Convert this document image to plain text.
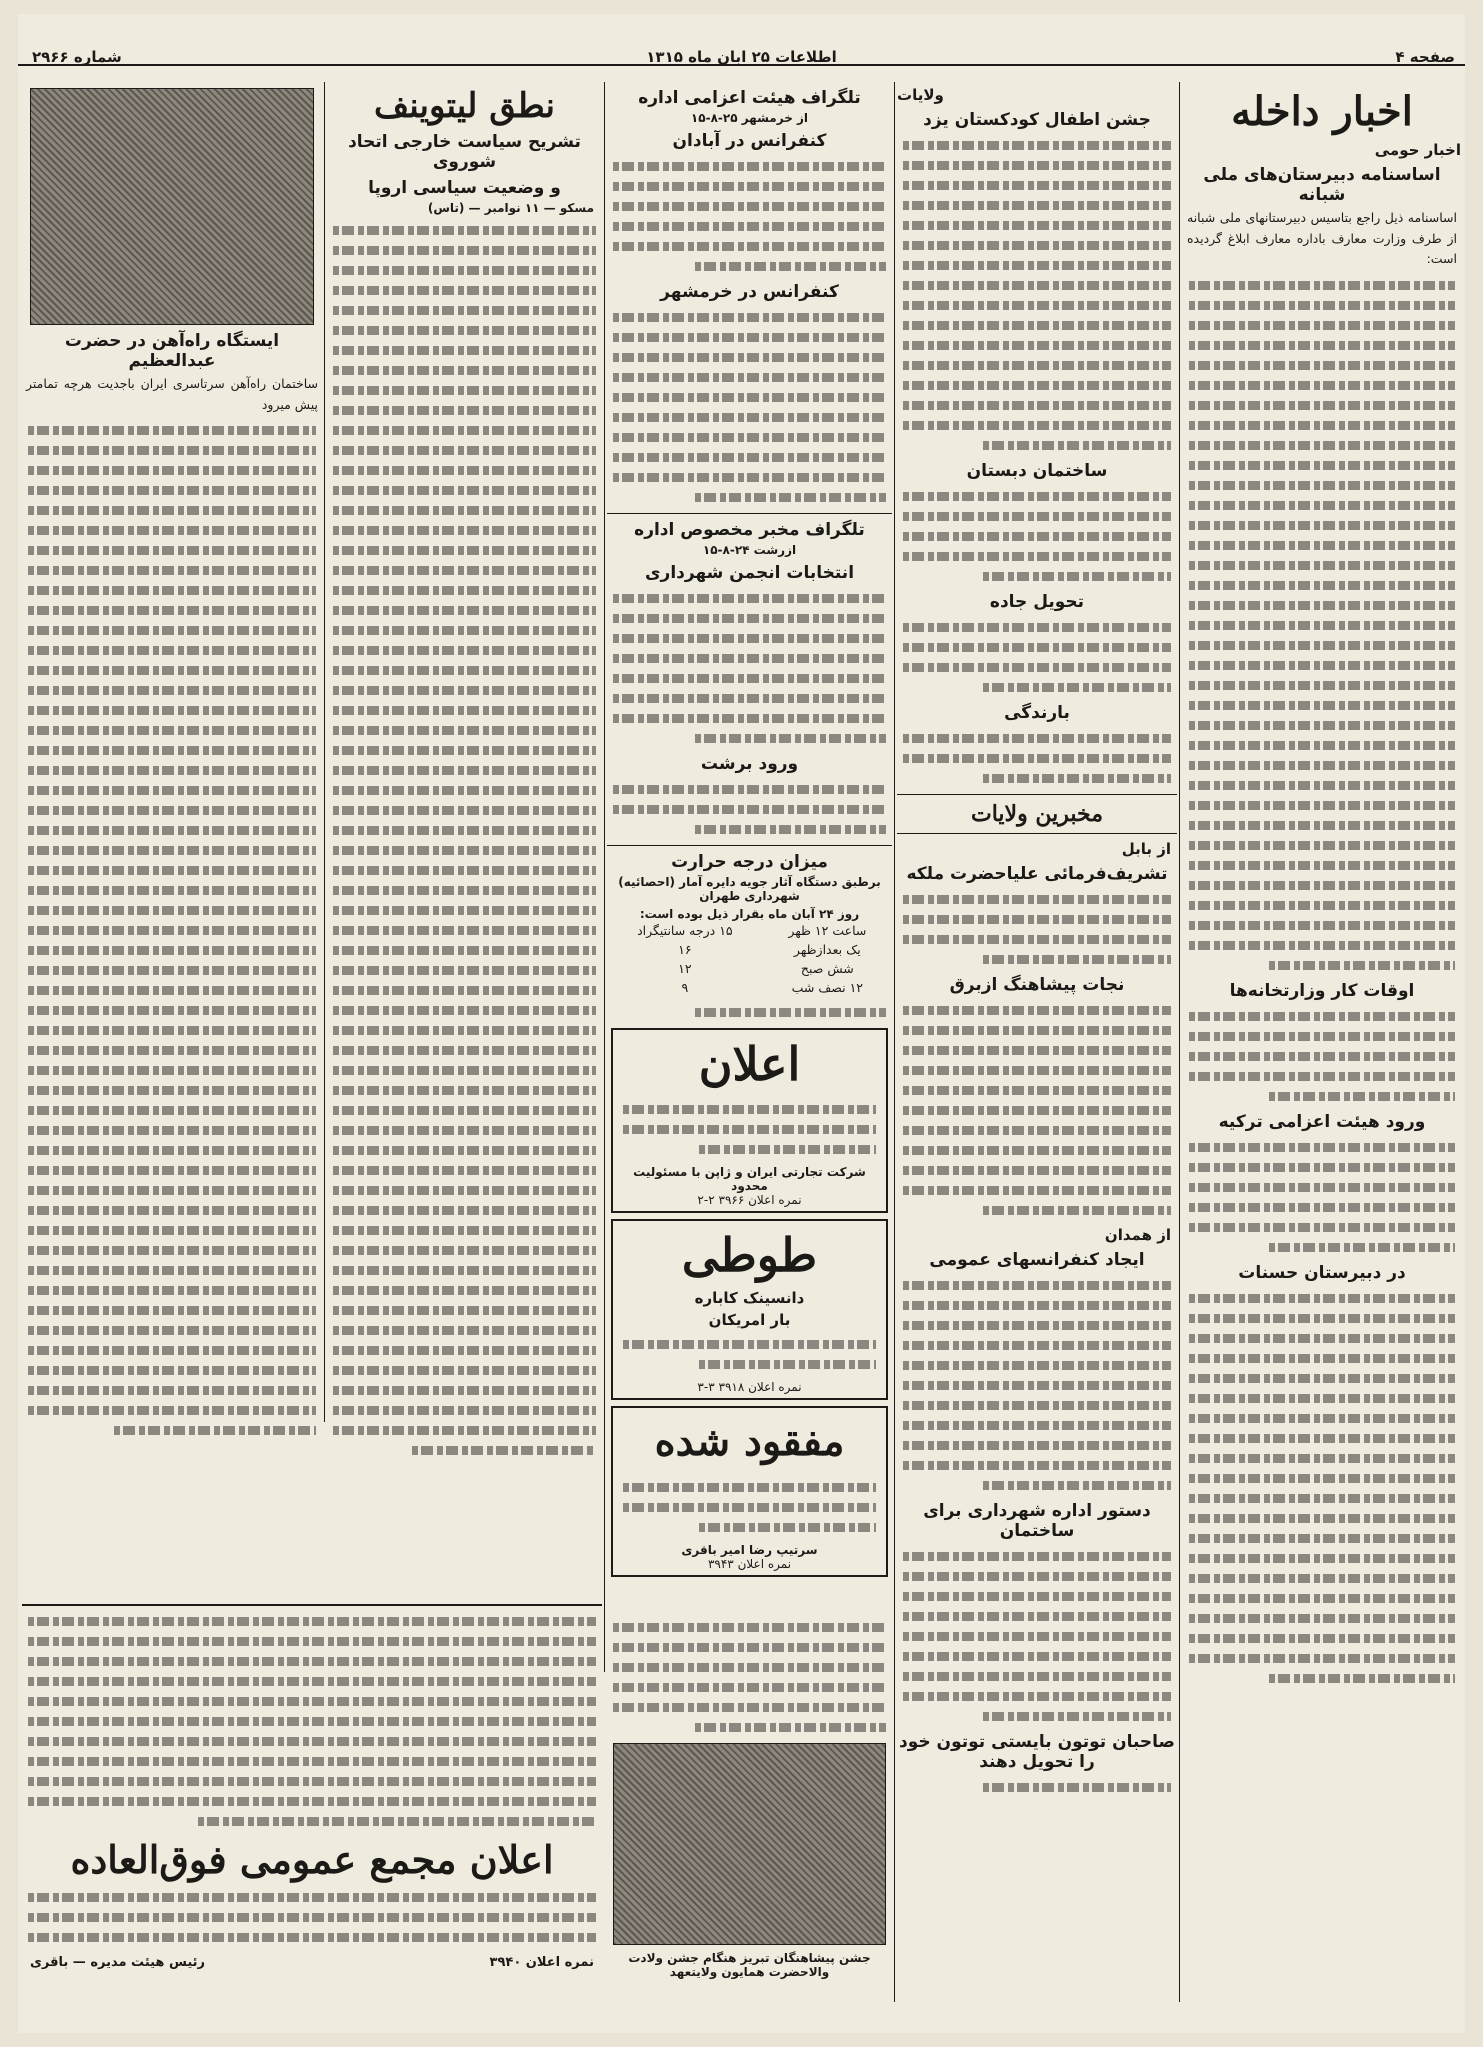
صفحه ۴
اطلاعات ۲۵ ابان ماه ۱۳۱۵
شماره ۲۹۶۶
اخبار داخله
اخبار حومی
اساسنامه دبیرستان‌های ملی شبانه

اساسنامه ذیل راجع بتاسیس دبیرستانهای ملی شبانه از طرف وزارت معارف باداره معارف ابلاغ گردیده است:

اوقات کار وزارتخانه‌ها
ورود هیئت اعزامی ترکیه
در دبیرستان حسنات
ولایات
جشن اطفال کودکستان یزد
ساختمان دبستان
تحویل جاده
بارندگی
مخبرین ولایات
از بابل
تشریف‌فرمائی علیاحضرت ملکه
نجات پیشاهنگ ازبرق
از همدان
ایجاد کنفرانسهای عمومی
دستور اداره شهرداری برای ساختمان
صاحبان توتون بایستی توتون خود را تحویل دهند
تلگراف هیئت اعزامی اداره
از خرمشهر ۲۵-۸-۱۵
کنفرانس در آبادان
کنفرانس در خرمشهر
تلگراف مخبر مخصوص اداره
ازرشت ۲۴-۸-۱۵
انتخابات انجمن شهرداری
ورود برشت
میزان درجه حرارت
برطبق دستگاه آثار جویه دایره آمار (احصائیه) شهرداری طهران
روز ۲۴ آبان ماه بقرار ذیل بوده است:
ساعت ۱۲ ظهر	۱۵ درجه سانتیگراد
یک بعدازظهر	۱۶
شش صبح	۱۲
۱۲ نصف شب	۹
اعلان
شرکت تجارتی ایران و ژاپن با مسئولیت محدود
نمره اعلان ۳۹۶۶ ۲-۲
طوطی
دانسینک کاباره
بار امریکان
نمره اعلان ۳۹۱۸ ۳-۳
مفقود شده
سرتیپ رضا امیر باقری
نمره اعلان ۳۹۴۳
نطق لیتوینف
تشریح سیاست خارجی اتحاد شوروی
و وضعیت سیاسی اروپا
مسکو — ۱۱ نوامبر — (تاس)
ایستگاه راه‌آهن در حضرت عبدالعظیم

ساختمان راه‌آهن سرتاسری ایران‌ باجدیت هرچه تمامتر پیش میرود

جشن پیشاهنگان تبریز هنگام جشن ولادت والاحضرت همایون ولایتعهد
اعلان مجمع عمومی فوق‌العاده
نمره اعلان ۳۹۴۰
رئیس هیئت مدیره — باقری
